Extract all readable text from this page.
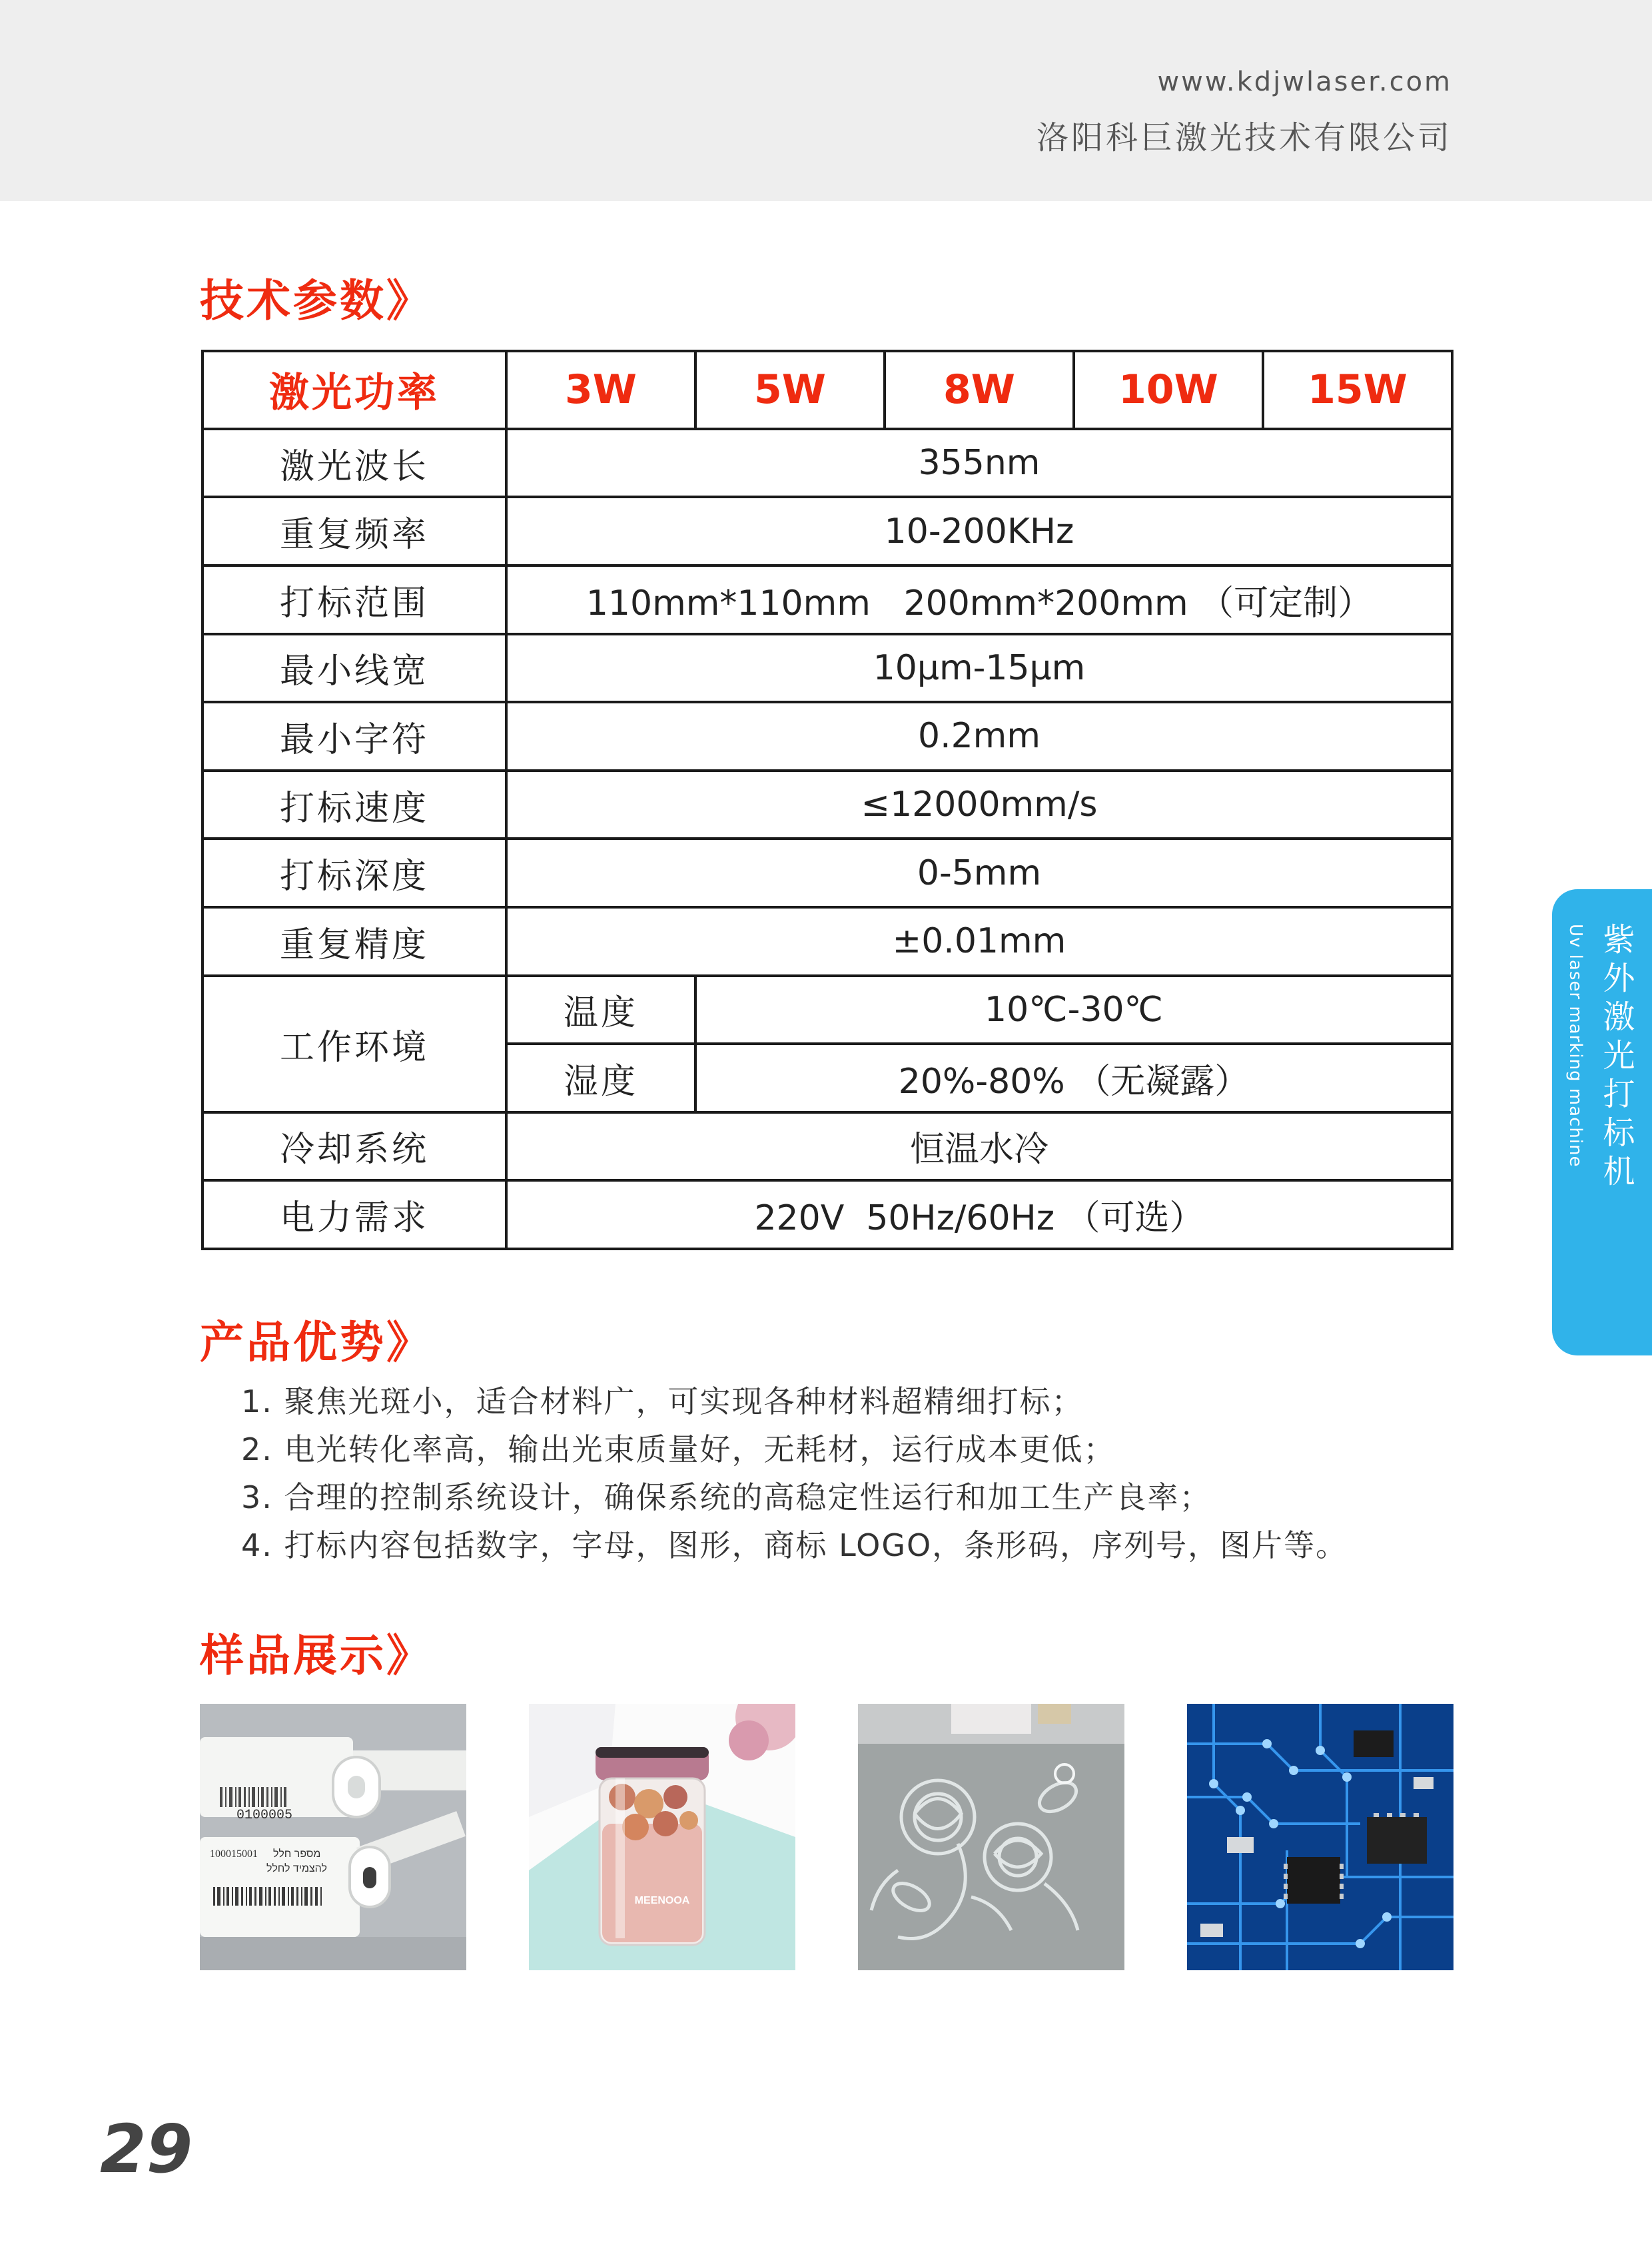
www.kdjwlaser.com
洛阳科巨激光技术有限公司
技术参数》
激光功率	3W	5W	8W	10W	15W
激光波长	355nm				
重复频率	10-200KHz				
打标范围	110mm*110mm   200mm*200mm （可定制）				
最小线宽	10μm-15μm				
最小字符	0.2mm				
打标速度	≤12000mm/s				
打标深度	0-5mm				
重复精度	±0.01mm				
工作环境	温度	10℃-30℃			
	湿度	20%-80% （无凝露）			
冷却系统	恒温水冷				
电力需求	220V  50Hz/60Hz （可选）				
紫外激光打标机
Uv laser marking machine
产品优势》
1. 聚焦光斑小，适合材料广，可实现各种材料超精细打标；
2. 电光转化率高，输出光束质量好，无耗材，运行成本更低；
3. 合理的控制系统设计，确保系统的高稳定性运行和加工生产良率；
4. 打标内容包括数字，字母，图形，商标 LOGO，条形码，序列号，图片等。
样品展示》
0100005
100015001 מספר חלל
להצמיד לחלל
MEENOOA
29
